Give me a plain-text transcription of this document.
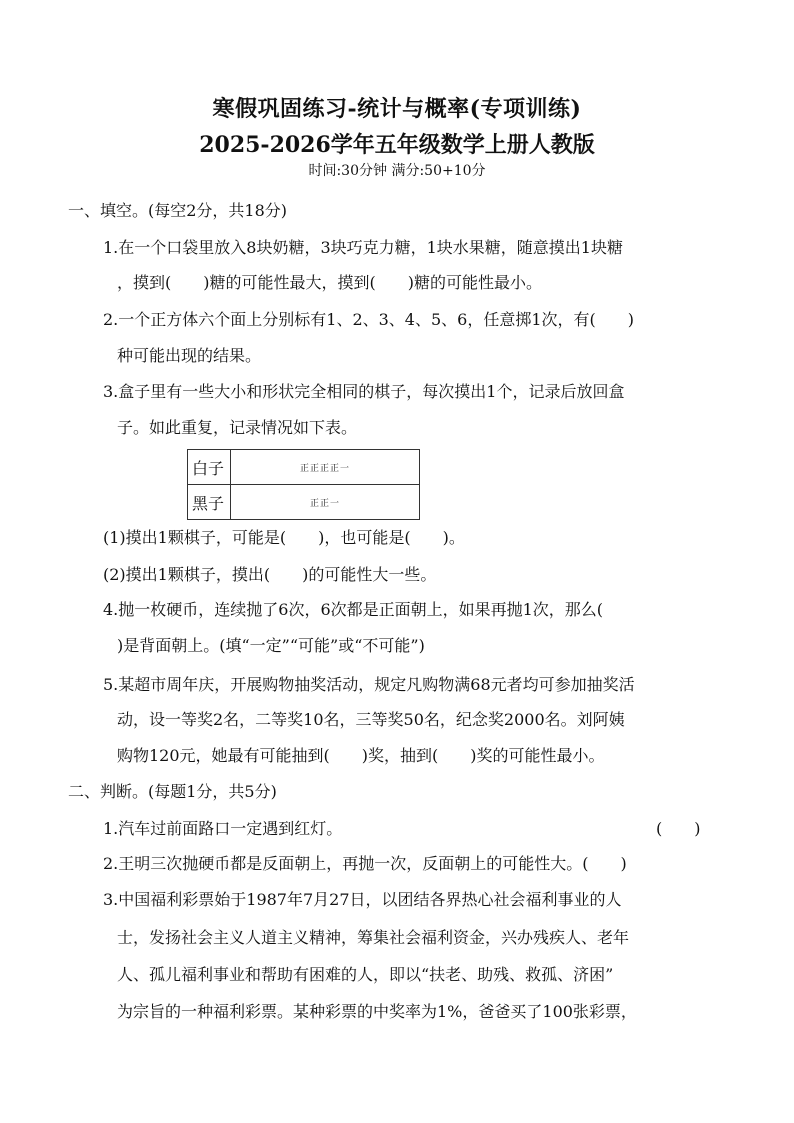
寒假巩固练习-统计与概率(专项训练)
2025-2026学年五年级数学上册人教版
时间:30分钟 满分:50+10分
一、填空。(每空2分，共18分)
1.在一个口袋里放入8块奶糖，3块巧克力糖，1块水果糖，随意摸出1块糖
，摸到(　　)糖的可能性最大，摸到(　　)糖的可能性最小。
2.一个正方体六个面上分别标有1、2、3、4、5、6，任意掷1次，有(　　)
种可能出现的结果。
3.盒子里有一些大小和形状完全相同的棋子，每次摸出1个，记录后放回盒
子。如此重复，记录情况如下表。
白子	正正正正一
黑子	正正一
(1)摸出1颗棋子，可能是(　　)，也可能是(　　)。
(2)摸出1颗棋子，摸出(　　)的可能性大一些。
4.抛一枚硬币，连续抛了6次，6次都是正面朝上，如果再抛1次，那么(
)是背面朝上。(填“一定”“可能”或“不可能”)
5.某超市周年庆，开展购物抽奖活动，规定凡购物满68元者均可参加抽奖活
动，设一等奖2名，二等奖10名，三等奖50名，纪念奖2000名。刘阿姨
购物120元，她最有可能抽到(　　)奖，抽到(　　)奖的可能性最小。
二、判断。(每题1分，共5分)
1.汽车过前面路口一定遇到红灯。	(　　)
2.王明三次抛硬币都是反面朝上，再抛一次，反面朝上的可能性大。(　　)
3.中国福利彩票始于1987年7月27日，以团结各界热心社会福利事业的人
士，发扬社会主义人道主义精神，筹集社会福利资金，兴办残疾人、老年
人、孤儿福利事业和帮助有困难的人，即以“扶老、助残、救孤、济困”
为宗旨的一种福利彩票。某种彩票的中奖率为1%，爸爸买了100张彩票，
